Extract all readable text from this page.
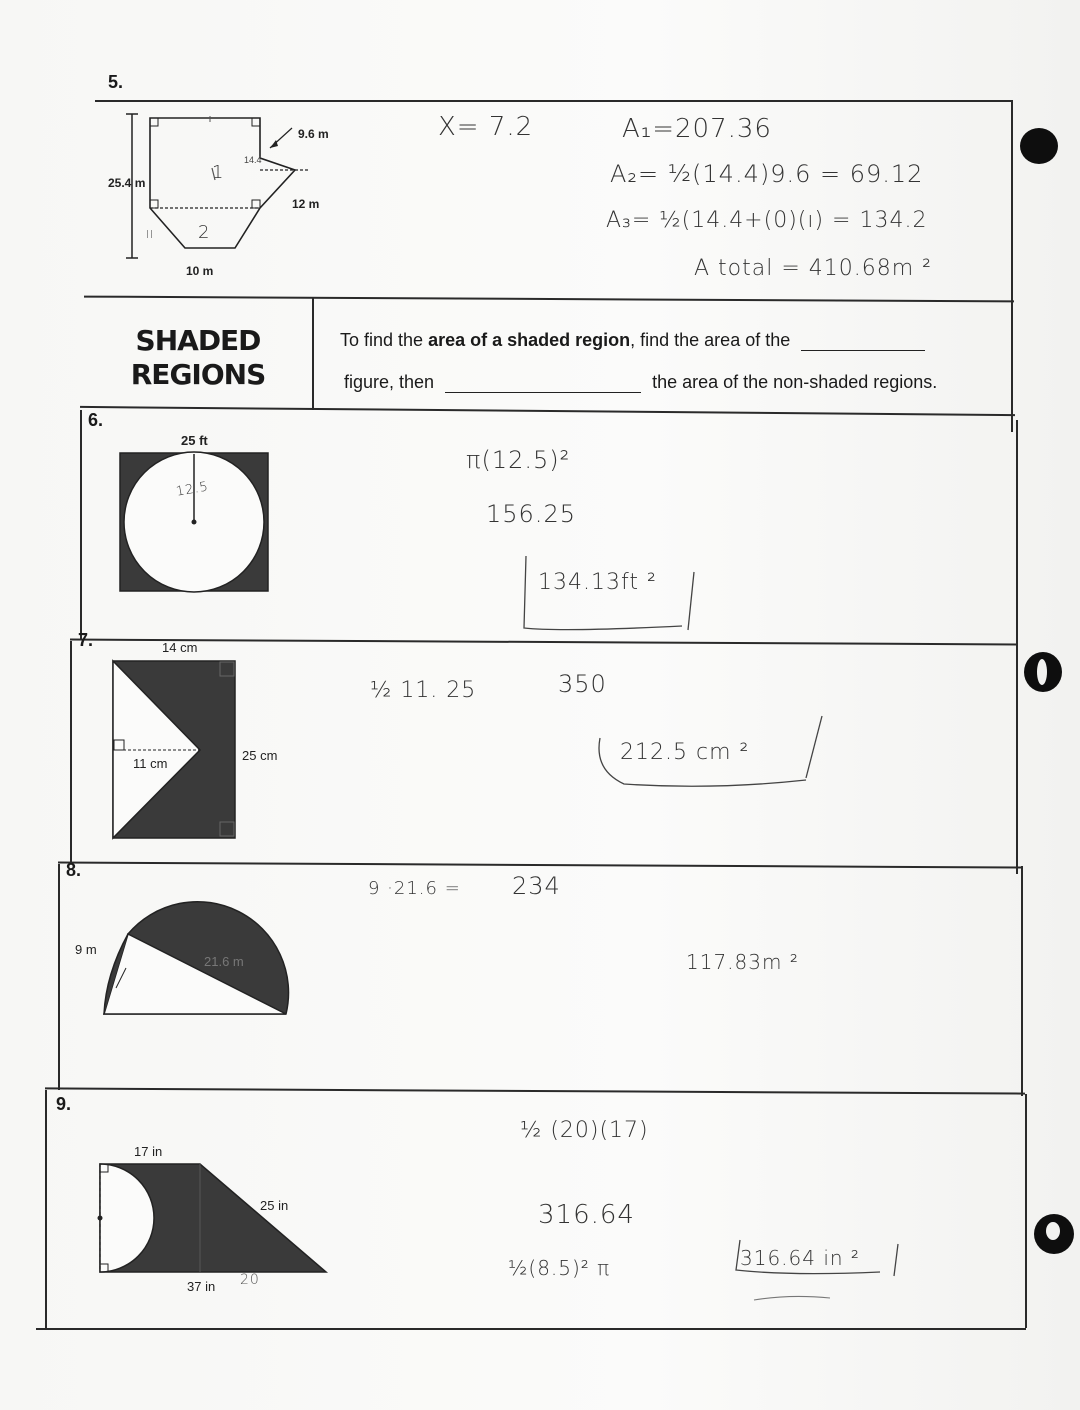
5.
25.4 m
9.6 m
12 m
10 m
14.4
1
2
ll
X= 7.2	A₁=207.36
A₂= ½(14.4)9.6 = 69.12
A₃= ½(14.4+(0)(ı) = 134.2
A total = 410.68m ²
SHADED
REGIONS
To find the area of a shaded region, find the area of the
figure, then	the area of the non-shaded regions.
6.
25 ft
12.5
π(12.5)²
156.25
134.13ft ²
7.	14 cm
11 cm
25 cm
½ 11. 25	350
212.5 cm ²
8.
9 m
21.6 m
9 ·21.6 = 234
117.83m ²
9.
17 in
25 in
37 in 20
½ (20)(17)
316.64
½(8.5)² π	316.64 in ²
